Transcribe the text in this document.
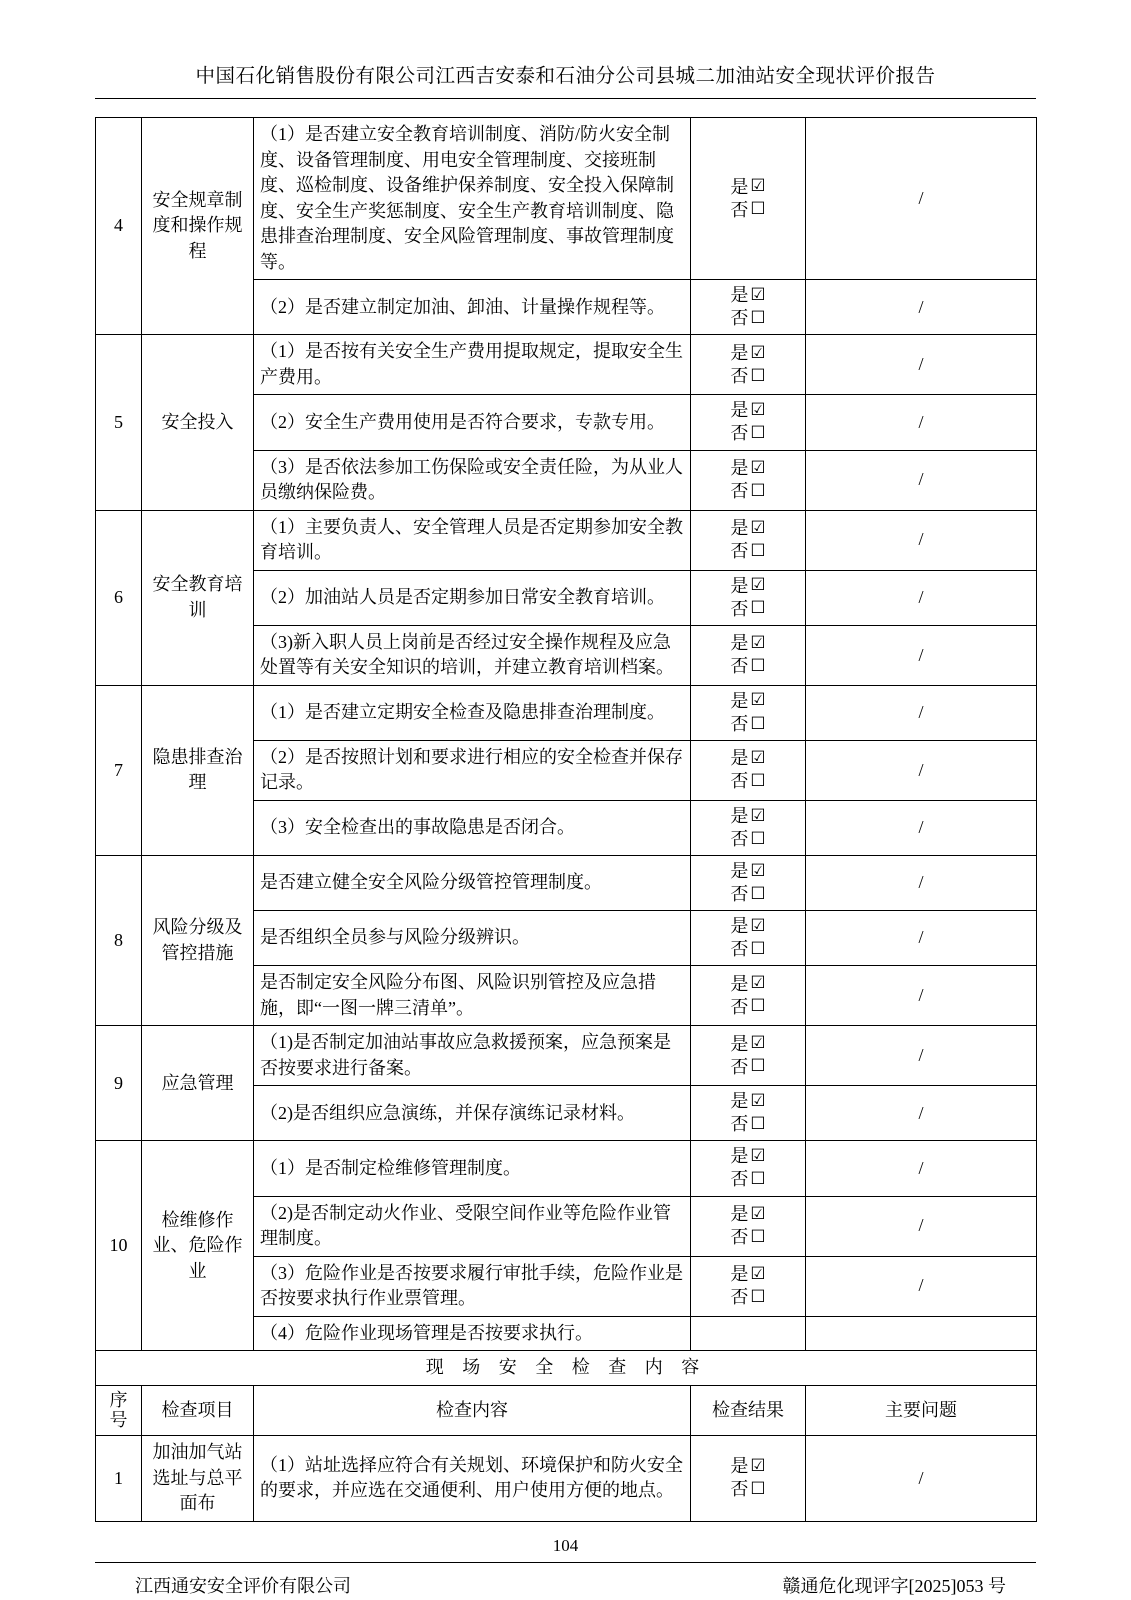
中国石化销售股份有限公司江西吉安泰和石油分公司县城二加油站安全现状评价报告
4	安全规章制度和操作规程	（1）是否建立安全教育培训制度、消防/防火安全制度、设备管理制度、用电安全管理制度、交接班制度、巡检制度、设备维护保养制度、安全投入保障制度、安全生产奖惩制度、安全生产教育培训制度、隐患排查治理制度、安全风险管理制度、事故管理制度等。	是 ☑
否 ☐	/
		（2）是否建立制定加油、卸油、计量操作规程等。	是 ☑
否 ☐	/
5	安全投入	（1）是否按有关安全生产费用提取规定，提取安全生产费用。	是 ☑
否 ☐	/
		（2）安全生产费用使用是否符合要求，专款专用。	是 ☑
否 ☐	/
		（3）是否依法参加工伤保险或安全责任险，为从业人员缴纳保险费。	是 ☑
否 ☐	/
6	安全教育培训	（1）主要负责人、安全管理人员是否定期参加安全教育培训。	是 ☑
否 ☐	/
		（2）加油站人员是否定期参加日常安全教育培训。	是 ☑
否 ☐	/
		（3)新入职人员上岗前是否经过安全操作规程及应急处置等有关安全知识的培训，并建立教育培训档案。	是 ☑
否 ☐	/
7	隐患排查治理	（1）是否建立定期安全检查及隐患排查治理制度。	是 ☑
否 ☐	/
		（2）是否按照计划和要求进行相应的安全检查并保存记录。	是 ☑
否 ☐	/
		（3）安全检查出的事故隐患是否闭合。	是 ☑
否 ☐	/
8	风险分级及管控措施	是否建立健全安全风险分级管控管理制度。	是 ☑
否 ☐	/
		是否组织全员参与风险分级辨识。	是 ☑
否 ☐	/
		是否制定安全风险分布图、风险识别管控及应急措施，即“一图一牌三清单”。	是 ☑
否 ☐	/
9	应急管理	（1)是否制定加油站事故应急救援预案，应急预案是否按要求进行备案。	是 ☑
否 ☐	/
		（2)是否组织应急演练，并保存演练记录材料。	是 ☑
否 ☐	/
10	检维修作业、危险作业	（1）是否制定检维修管理制度。	是 ☑
否 ☐	/
		（2)是否制定动火作业、受限空间作业等危险作业管理制度。	是 ☑
否 ☐	/
		（3）危险作业是否按要求履行审批手续，危险作业是否按要求执行作业票管理。	是 ☑
否 ☐	/
		（4）危险作业现场管理是否按要求执行。		
现 场 安 全 检 查 内 容				

序
号	检查项目	检查内容	检查结果	主要问题
1	加油加气站选址与总平面布	（1）站址选择应符合有关规划、环境保护和防火安全的要求，并应选在交通便利、用户使用方便的地点。	是 ☑
否 ☐	/
104
江西通安安全评价有限公司	赣通危化现评字[2025]053 号
